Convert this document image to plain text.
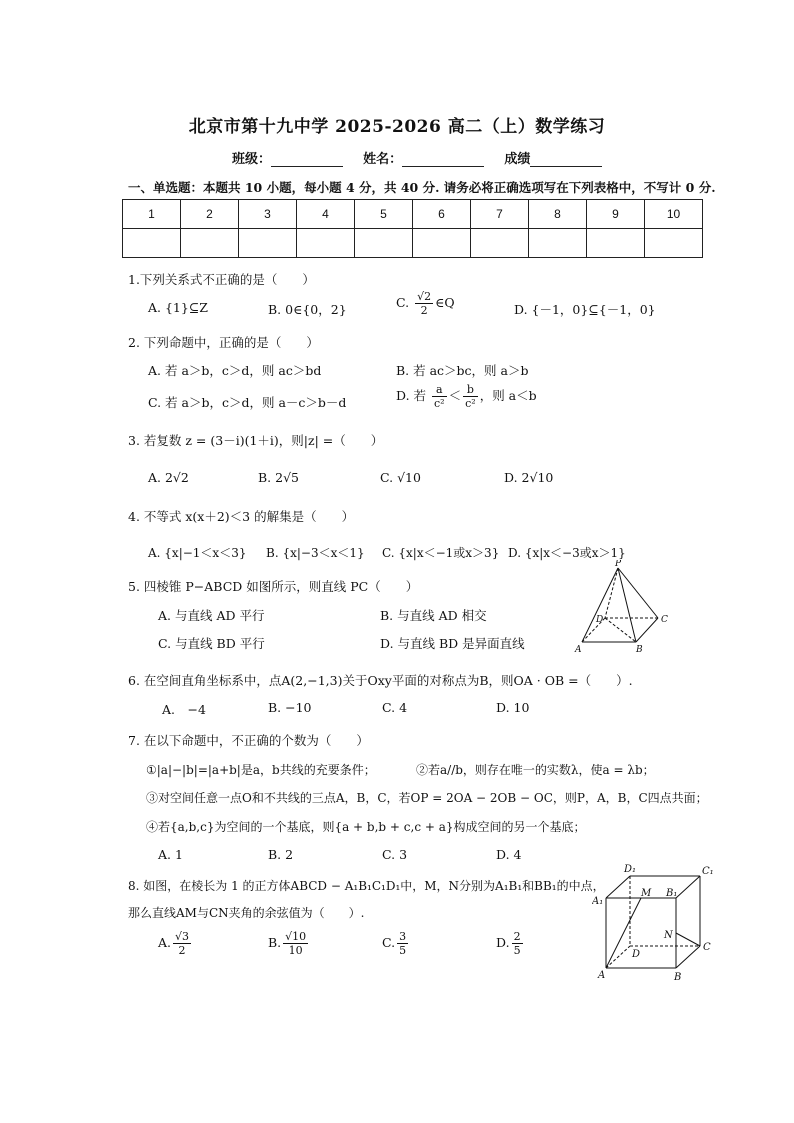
北京市第十九中学 2025-2026 高二（上）数学练习
班级：	姓名：	成绩
一、单选题：本题共 10 小题，每小题 4 分，共 40 分. 请务必将正确选项写在下列表格中，不写计 0 分.
1	2	3	4	5	6	7	8	9	10

1.下列关系式不正确的是（　　）
A. {1}⊆Z	B. 0∈{0，2}	C. $\frac{√2}{2}$ ∈Q	D. {－1，0}⊆{－1，0}
2. 下列命题中，正确的是（　　）
A. 若 a＞b，c＞d，则 ac＞bd	B. 若 ac＞bc，则 a＞b
C. 若 a＞b，c＞d，则 a－c＞b－d	D. 若 $\frac{a}{\text{c²}} < \frac{b}{\text{c²}}$ ，则 a＜b
3. 若复数 z = (3－i)(1＋i)，则|z| =（　　）
A. 2√2	B. 2√5	C. √10	D. 2√10
4. 不等式 x(x＋2)＜3 的解集是（　　）
A. {x|−1＜x＜3} B. {x|−3＜x＜1} C. {x|x＜−1或x＞3} D. {x|x＜−3或x＞1}
5. 四棱锥 P−ABCD 如图所示，则直线 PC（　　）
A. 与直线 AD 平行	B. 与直线 AD 相交
C. 与直线 BD 平行	D. 与直线 BD 是异面直线
P
A	B
C
D
6. 在空间直角坐标系中，点A(2,−1,3)关于Oxy平面的对称点为B，则OA · OB =（　　）.
A.　−4	B. −10	C. 4	D. 10
7. 在以下命题中，不正确的个数为（　　）
①|a|−|b|=|a+b|是a，b共线的充要条件；	②若a//b，则存在唯一的实数λ，使a = λb；
③对空间任意一点O和不共线的三点A，B，C，若OP = 2OA − 2OB − OC，则P，A，B，C四点共面；
④若{a,b,c}为空间的一个基底，则{a + b,b + c,c + a}构成空间的另一个基底；
A. 1	B. 2	C. 3	D. 4
8. 如图，在棱长为 1 的正方体ABCD − A₁B₁C₁D₁中，M，N分别为A₁B₁和BB₁的中点，
那么直线AM与CN夹角的余弦值为（　　）.
A. $\frac{√3}{2}$	B. $\frac{√10}{10}$	C. $\frac{3}{5}$	D. $\frac{2}{5}$
D₁	C₁
A₁
B₁
M
N
A	B
C
D
